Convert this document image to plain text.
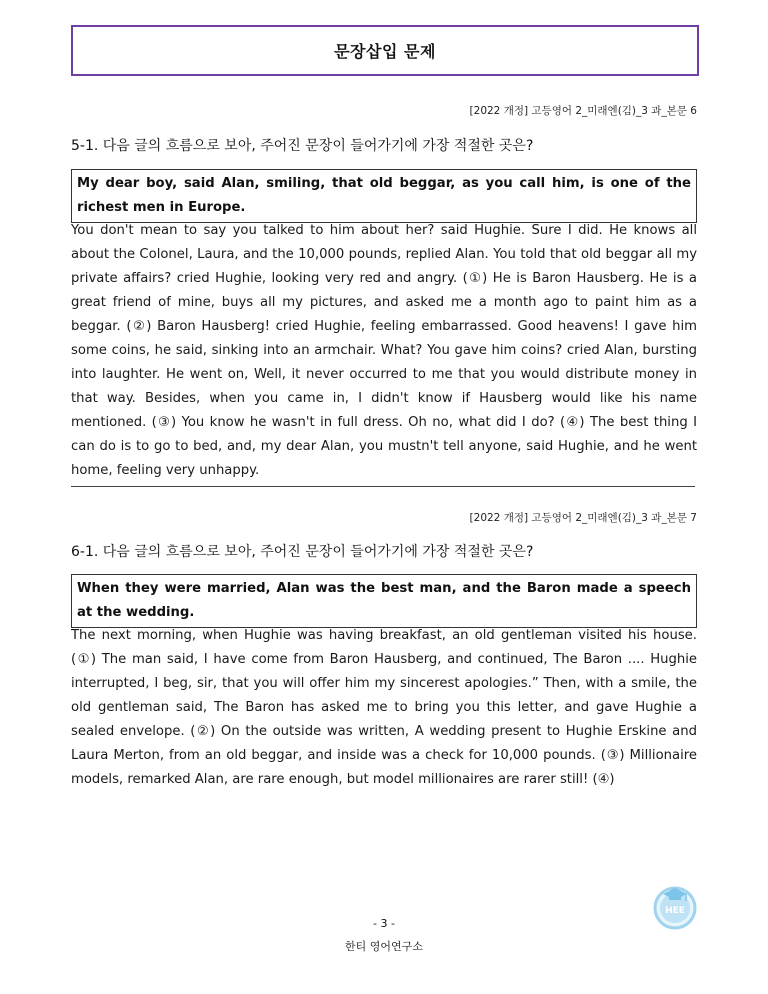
문장삽입 문제
[2022 개정] 고등영어 2_미래엔(김)_3 과_본문 6
5-1. 다음 글의 흐름으로 보아, 주어진 문장이 들어가기에 가장 적절한 곳은?
My dear boy, said Alan, smiling, that old beggar, as you call him, is one of the richest men in Europe.
You don't mean to say you talked to him about her? said Hughie. Sure I did. He knows all about the Colonel, Laura, and the 10,000 pounds, replied Alan. You told that old beggar all my private affairs? cried Hughie, looking very red and angry. (①) He is Baron Hausberg. He is a great friend of mine, buys all my pictures, and asked me a month ago to paint him as a beggar. (②) Baron Hausberg! cried Hughie, feeling embarrassed. Good heavens! I gave him some coins, he said, sinking into an armchair. What? You gave him coins? cried Alan, bursting into laughter. He went on, Well, it never occurred to me that you would distribute money in that way. Besides, when you came in, I didn't know if Hausberg would like his name mentioned. (③) You know he wasn't in full dress. Oh no, what did I do? (④) The best thing I can do is to go to bed, and, my dear Alan, you mustn't tell anyone, said Hughie, and he went home, feeling very unhappy.
[2022 개정] 고등영어 2_미래엔(김)_3 과_본문 7
6-1. 다음 글의 흐름으로 보아, 주어진 문장이 들어가기에 가장 적절한 곳은?
When they were married, Alan was the best man, and the Baron made a speech at the wedding.
The next morning, when Hughie was having breakfast, an old gentleman visited his house. (①) The man said, I have come from Baron Hausberg, and continued, The Baron .... Hughie interrupted, I beg, sir, that you will offer him my sincerest apologies.” Then, with a smile, the old gentleman said, The Baron has asked me to bring you this letter, and gave Hughie a sealed envelope. (②) On the outside was written, A wedding present to Hughie Erskine and Laura Merton, from an old beggar, and inside was a check for 10,000 pounds. (③) Millionaire models, remarked Alan, are rare enough, but model millionaires are rarer still! (④)
- 3 -
한티 영어연구소
HEE
